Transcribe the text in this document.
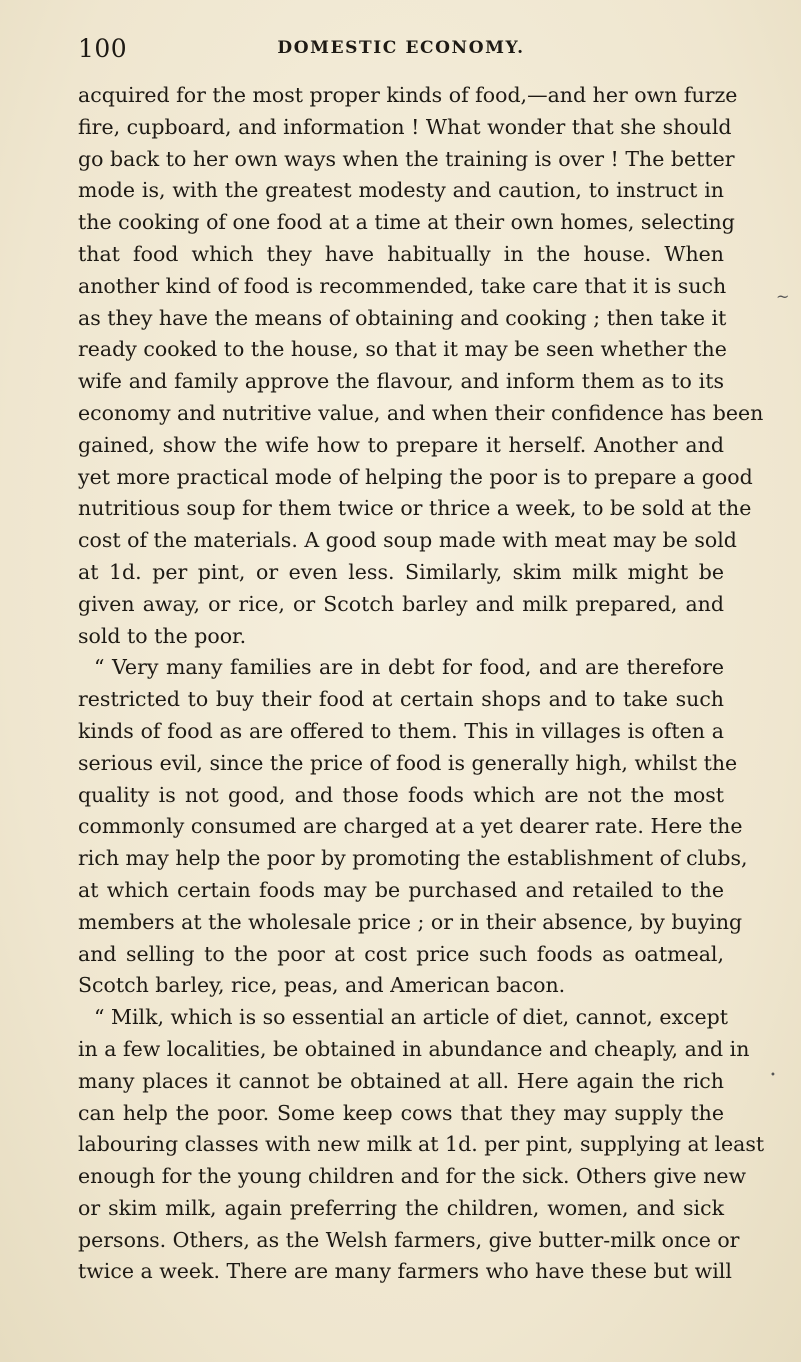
100	DOMESTIC ECONOMY.
acquired for the most proper kinds of food,—and her own furze
fire, cupboard, and information ! What wonder that she should
go back to her own ways when the training is over ! The better
mode is, with the greatest modesty and caution, to instruct in
the cooking of one food at a time at their own homes, selecting
that food which they have habitually in the house. When
another kind of food is recommended, take care that it is such
as they have the means of obtaining and cooking ; then take it
ready cooked to the house, so that it may be seen whether the
wife and family approve the flavour, and inform them as to its
economy and nutritive value, and when their confidence has been
gained, show the wife how to prepare it herself. Another and
yet more practical mode of helping the poor is to prepare a good
nutritious soup for them twice or thrice a week, to be sold at the
cost of the materials. A good soup made with meat may be sold
at 1d. per pint, or even less. Similarly, skim milk might be
given away, or rice, or Scotch barley and milk prepared, and
sold to the poor.
“ Very many families are in debt for food, and are therefore
restricted to buy their food at certain shops and to take such
kinds of food as are offered to them. This in villages is often a
serious evil, since the price of food is generally high, whilst the
quality is not good, and those foods which are not the most
commonly consumed are charged at a yet dearer rate. Here the
rich may help the poor by promoting the establishment of clubs,
at which certain foods may be purchased and retailed to the
members at the wholesale price ; or in their absence, by buying
and selling to the poor at cost price such foods as oatmeal,
Scotch barley, rice, peas, and American bacon.
“ Milk, which is so essential an article of diet, cannot, except
in a few localities, be obtained in abundance and cheaply, and in
many places it cannot be obtained at all. Here again the rich
can help the poor. Some keep cows that they may supply the
labouring classes with new milk at 1d. per pint, supplying at least
enough for the young children and for the sick. Others give new
or skim milk, again preferring the children, women, and sick
persons. Others, as the Welsh farmers, give butter-milk once or
twice a week. There are many farmers who have these but will
~
•
